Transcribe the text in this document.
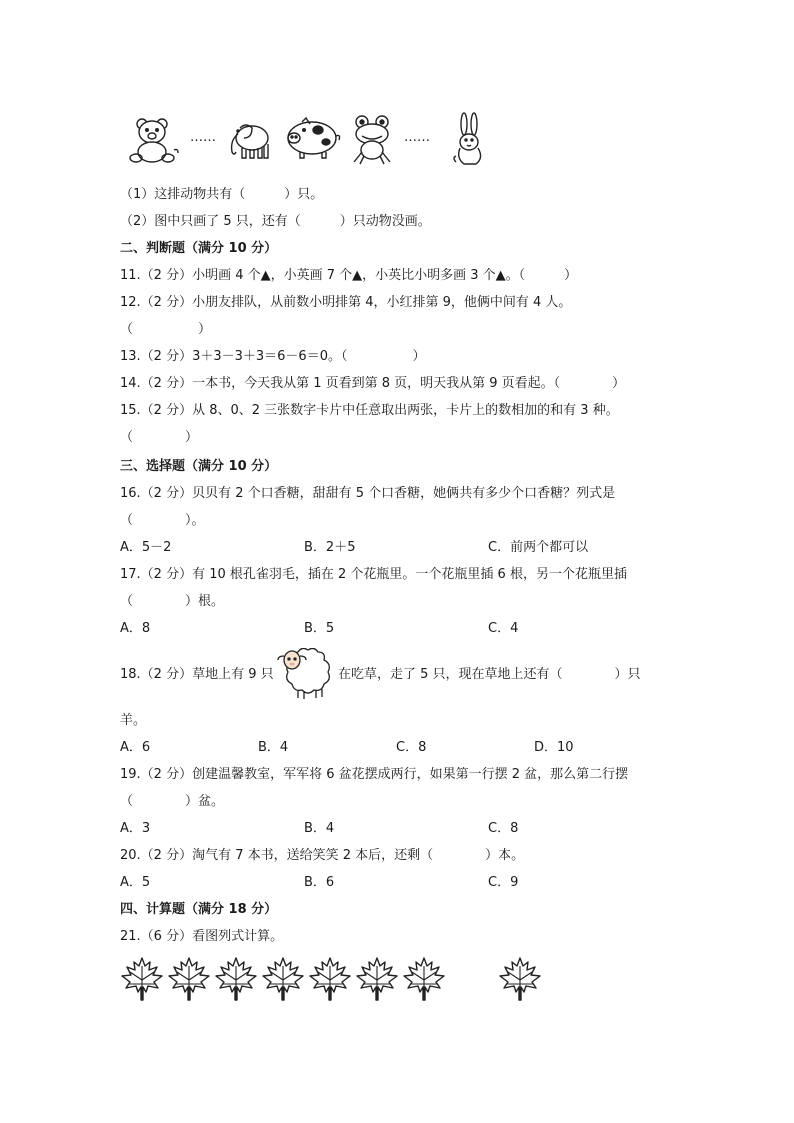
……	……
（1）这排动物共有（　　　）只。
（2）图中只画了 5 只，还有（　　　）只动物没画。
二、判断题（满分 10 分）
11.（2 分）小明画 4 个▲，小英画 7 个▲，小英比小明多画 3 个▲。（　　　）
12.（2 分）小朋友排队，从前数小明排第 4，小红排第 9，他俩中间有 4 人。
（　　　　　）
13.（2 分）3＋3－3＋3＝6－6＝0。（　　　　　）
14.（2 分）一本书，今天我从第 1 页看到第 8 页，明天我从第 9 页看起。（　　　　）
15.（2 分）从 8、0、2 三张数字卡片中任意取出两张，卡片上的数相加的和有 3 种。
（　　　　）
三、选择题（满分 10 分）
16.（2 分）贝贝有 2 个口香糖，甜甜有 5 个口香糖，她俩共有多少个口香糖？列式是
（　　　　）。
A．5－2	B．2＋5	C．前两个都可以
17.（2 分）有 10 根孔雀羽毛，插在 2 个花瓶里。一个花瓶里插 6 根，另一个花瓶里插
（　　　　）根。
A．8	B．5	C．4
18.（2 分）草地上有 9 只	在吃草，走了 5 只，现在草地上还有（　　　　）只
羊。
A．6	B．4	C．8	D．10
19.（2 分）创建温馨教室，军军将 6 盆花摆成两行，如果第一行摆 2 盆，那么第二行摆
（　　　　）盆。
A．3	B．4	C．8
20.（2 分）淘气有 7 本书，送给笑笑 2 本后，还剩（　　　　）本。
A．5	B．6	C．9
四、计算题（满分 18 分）
21.（6 分）看图列式计算。
